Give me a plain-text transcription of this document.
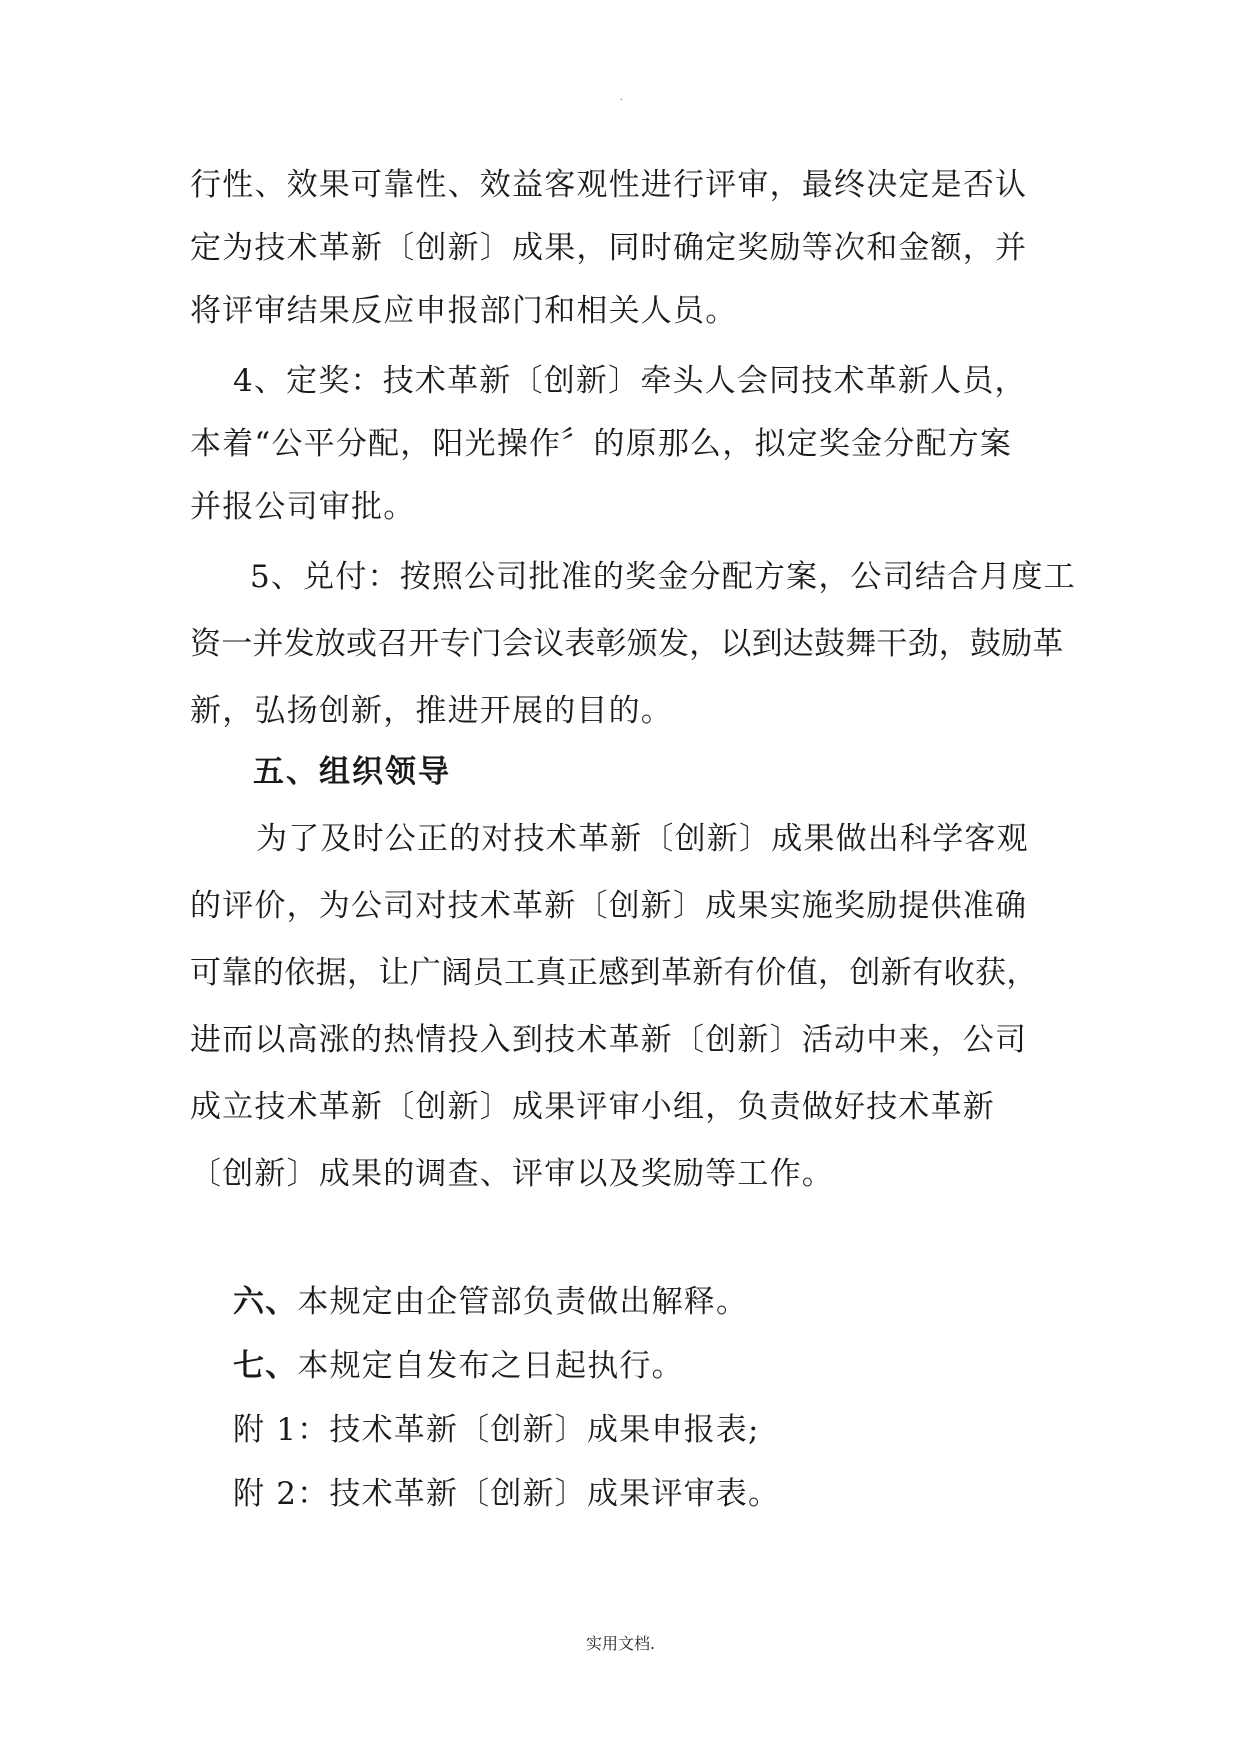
.
行性、效果可靠性、效益客观性进行评审，最终决定是否认
定为技术革新〔创新〕成果，同时确定奖励等次和金额，并
将评审结果反应申报部门和相关人员。
4、定奖：技术革新〔创新〕牵头人会同技术革新人员，
本着“公平分配，阳光操作〞的原那么，拟定奖金分配方案
并报公司审批。
5、兑付：按照公司批准的奖金分配方案，公司结合月度工
资一并发放或召开专门会议表彰颁发，以到达鼓舞干劲，鼓励革
新，弘扬创新，推进开展的目的。
五、组织领导
为了及时公正的对技术革新〔创新〕成果做出科学客观
的评价，为公司对技术革新〔创新〕成果实施奖励提供准确
可靠的依据，让广阔员工真正感到革新有价值，创新有收获，
进而以高涨的热情投入到技术革新〔创新〕活动中来，公司
成立技术革新〔创新〕成果评审小组，负责做好技术革新
〔创新〕成果的调查、评审以及奖励等工作。
六、本规定由企管部负责做出解释。
七、本规定自发布之日起执行。
附 1：技术革新〔创新〕成果申报表;
附 2：技术革新〔创新〕成果评审表。
实用文档.
